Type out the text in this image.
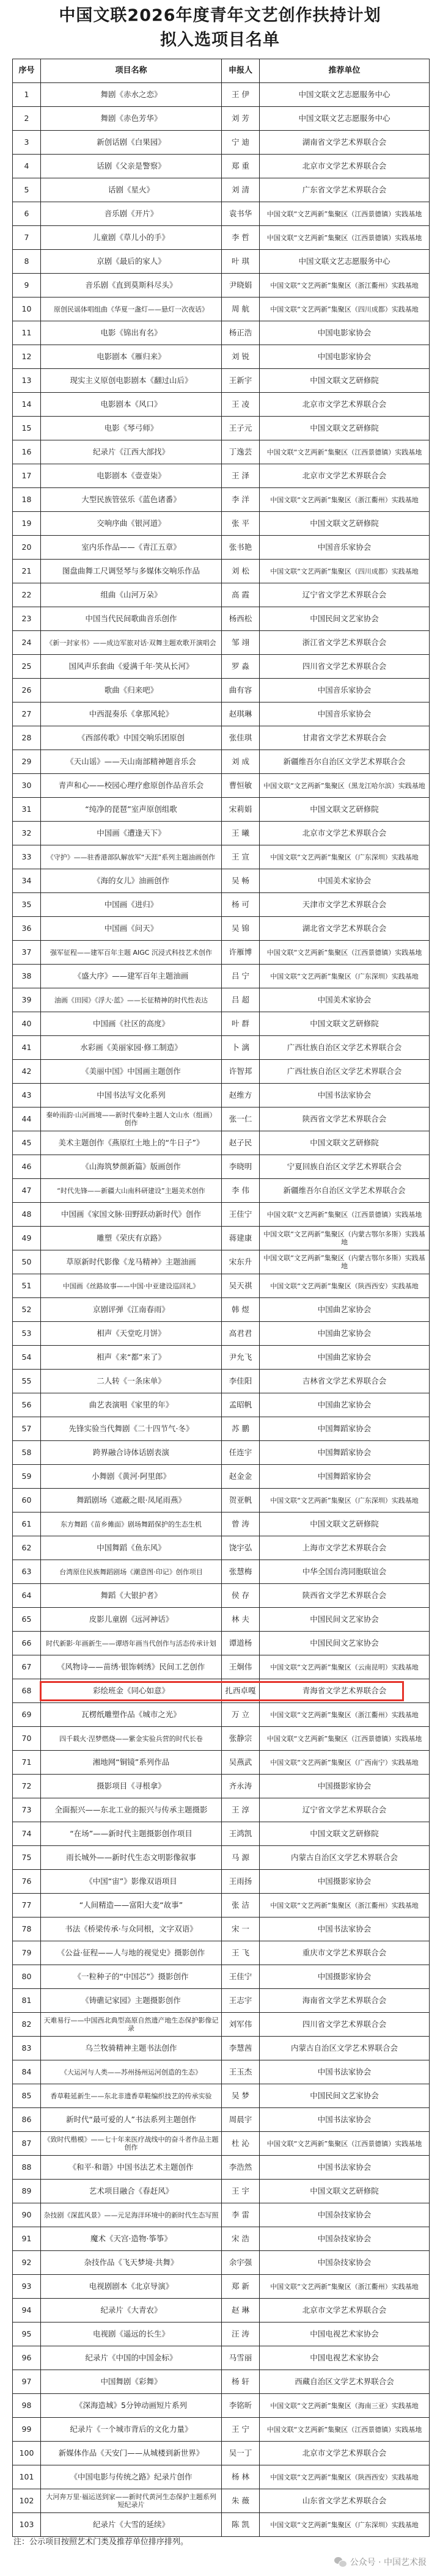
中国文联2026年度青年文艺创作扶持计划
拟入选项目名单
序号	项目名称	申报人	推荐单位
1	舞剧《赤水之恋》	王 伊	中国文联文艺志愿服务中心
2	舞剧《赤色芳华》	刘 芳	中国文联文艺志愿服务中心
3	新创话剧《白果园》	宁 迪	湖南省文学艺术界联合会
4	话剧《父亲是警察》	郑 重	北京市文学艺术界联合会
5	话剧《星火》	刘 清	广东省文学艺术界联合会
6	音乐剧《开片》	袁书华	中国文联“文艺两新”集聚区（江西景德镇）实践基地
7	儿童剧《草儿小的手》	李 哲	中国文联“文艺两新”集聚区（江西景德镇）实践基地
8	京剧《最后的家人》	叶 琪	中国文联文艺志愿服务中心
9	音乐剧《直到莫斯科尽头》	尹晓娟	中国文联“文艺两新”集聚区（浙江衢州）实践基地
10	原创民谣体唱组曲《华夏一盏灯——悬灯一次夜话》	周 航	中国文联“文艺两新”集聚区（四川成都）实践基地
11	电影《锦出有名》	杨正浩	中国电影家协会
12	电影剧本《雁归来》	刘 锐	中国电影家协会
13	现实主义原创电影剧本《翻过山后》	王新宇	中国文联文艺研修院
14	电影剧本《风口》	王 凌	北京市文学艺术界联合会
15	电影《琴弓师》	王子元	中国文联文艺研修院
16	纪录片《江西大部找》	丁逸芸	中国文联“文艺两新”集聚区（江西景德镇）实践基地
17	电影剧本《壹壹柒》	王 泽	北京市文学艺术界联合会
18	大型民族管弦乐《蓝色诸番》	李 洋	中国文联“文艺两新”集聚区（浙江衢州）实践基地
19	交响序曲《银河道》	张 平	中国文联文艺研修院
20	室内乐作品——《青江五章》	张书艳	中国音乐家协会
21	图盘曲舞工尺调竖琴与多媒体交响乐作品	刘 松	中国文联“文艺两新”集聚区（四川成都）实践基地
22	组曲《山河万朵》	高 霞	辽宁省文学艺术界联合会
23	中国当代民间歌曲音乐创作	杨西松	中国民间文艺家协会
24	《新一封家书》——成边军旅对话·双舞主题欢歌开演唱会	邹 翊	浙江省文学艺术界联合会
25	国风声乐套曲《爱满千年·笑从长河》	罗 淼	四川省文学艺术界联合会
26	歌曲《归来吧》	曲有容	中国音乐家协会
27	中西混奏乐《拿那风轮》	赵琪琳	中国音乐家协会
28	《西部传歌》中国交响乐团原创	张佳琪	甘肃省文学艺术界联合会
29	《天山谣》——天山南部精神题音乐会	刘 成	新疆维吾尔自治区文学艺术界联合会
30	青声和心——校园心理疗愈原创作品音乐会	曹恒敏	中国文联“文艺两新”集聚区（黑龙江哈尔滨）实践基地
31	“纯净的琵琶”室声原创组歌	宋莉娟	中国文联文艺研修院
32	中国画《遭逢天下》	王 曦	北京市文学艺术界联合会
33	《守护》——驻香港部队解放军“天涯”系列主题油画创作	王 宣	中国文联“文艺两新”集聚区（广东深圳）实践基地
34	《海的女儿》油画创作	吴 畅	中国美术家协会
35	中国画《进归》	杨 可	天津市文学艺术界联合会
36	中国画《问天》	吴 锦	湖北省文学艺术界联合会
37	强军征程——建军百年主题 AIGC 沉浸式科技艺术创作	许雁博	中国文联“文艺两新”集聚区（江西景德镇）实践基地
38	《盛大序》——建军百年主题油画	吕 宁	中国文联“文艺两新”集聚区（广东深圳）实践基地
39	油画《田园》《浮大·蓝》——长征精神的时代性表达	吕 超	中国美术家协会
40	中国画《社区的高度》	叶 群	中国文联文艺研修院
41	水彩画《美丽家园·修工制造》	卜 漓	广西壮族自治区文学艺术界联合会
42	《美丽中国》中国画主题创作	许智邦	广西壮族自治区文学艺术界联合会
43	中国书法写文化系列	赵维方	中国书法家协会
44	秦岭雨韵·山河画境——新时代秦岭主题人文山水（组画）创作	张一仁	陕西省文学艺术界联合会
45	美术主题创作《燕原红土地上的“牛日子”》	赵子民	中国文联文艺研修院
46	《山海筑梦颜新篇》版画创作	李晓明	宁夏回族自治区文学艺术界联合会
47	“时代先锋——新疆大山南科研建设”主题美术创作	李 伟	新疆维吾尔自治区文学艺术界联合会
48	中国画《家国文脉·田野跃动新时代》创作	王佳宁	中国文联“文艺两新”集聚区（江西景德镇）实践基地
49	雕塑《荣庆有京路》	蒋建康	中国文联“文艺两新”集聚区（内蒙古鄂尔多斯）实践基地
50	草原新时代影像《龙马精神》主题油画	宋东升	中国文联“文艺两新”集聚区（内蒙古鄂尔多斯）实践基地
51	中国画《丝路故事——中国·中亚建设巡回礼》	吴天祺	中国文联“文艺两新”集聚区（陕西西安）实践基地
52	京剧评弹《江南春雨》	韩 煜	中国曲艺家协会
53	相声《天堂吃月饼》	高君君	中国曲艺家协会
54	相声《来“都”来了》	尹允飞	中国曲艺家协会
55	二人转《一条床单》	李佳阳	吉林省文学艺术界联合会
56	曲艺表演唱《家里的年》	孟昭帆	中国曲艺家协会
57	先锋实验当代舞剧《二十四节气·冬》	苏 鹏	中国舞蹈家协会
58	跨界融合诗体话剧表演	任连宇	中国舞蹈家协会
59	小舞剧《黄河·阿里郎》	赵金金	中国舞蹈家协会
60	舞蹈剧场《遮蔽之眼·凤尾雨燕》	贺亚帆	中国文联“文艺两新”集聚区（广东深圳）实践基地
61	东方舞蹈《苗乡傩面》剧场舞蹈保护的生态生机	曾 涛	中国文联文艺研修院
62	中国舞蹈《鱼东风》	饶宇弘	上海市文学艺术界联合会
63	台湾原住民族舞蹈剧场《潮意图·印记》创作项目	张慧梅	中华全国台湾同胞联谊会
64	舞蹈《大银护者》	侯 存	陕西省文学艺术界联合会
65	皮影儿童剧《远河神话》	林 夫	中国民间文艺家协会
66	时代新影·年画新生——谭塔年画当代创作与活态传承计划	谭道杨	中国民间文艺家协会
67	《风物诗——苗绣·银饰刺绣》民间工艺创作	王炯伟	中国文联“文艺两新”集聚区（云南昆明）实践基地
68	彩绘班金《同心如意》	扎西卓嘎	青海省文学艺术界联合会
69	瓦楞纸雕塑作品《城市之光》	万 立	中国文联“文艺两新”集聚区（浙江衢州）实践基地
70	四千载火·涅梦燃烧——紫金实验兵营的时代长卷	张静宗	中国文联“文艺两新”集聚区（江西景德镇）实践基地
71	湘地网“铜镜”系列作品	吴燕武	中国文联“文艺两新”集聚区（广西南宁）实践基地
72	摄影项目《寻根拿》	齐永涛	中国摄影家协会
73	全面振兴——东北工业的振兴与传承主题摄影	王 淳	辽宁省文学艺术界联合会
74	“在场”——新时代主题摄影创作项目	王鸿凯	中国文联文艺研修院
75	雨长城外——新时代生态文明影像叙事	马 源	内蒙古自治区文学艺术界联合会
76	《中国“宙”》影像双语项目	王雨扬	中国摄影家协会
77	“人间精造——富阳大麦“故事”	张 洁	中国文联“文艺两新”集聚区（浙江衢州）实践基地
78	书法《桥梁传承·与众同根，文字双语》	宋 一	中国书法家协会
79	《公益·征程——人与地的视觉史》摄影创作	王 飞	重庆市文学艺术界联合会
80	《一粒种子的“中国芯”》摄影创作	王佳宁	中国摄影家协会
81	《铸礁记家园》主题摄影创作	王志宇	海南省文学艺术界联合会
82	天难易行——中国西北典型高原自然遗产地生态保护影像记录	刘军伟	四川省文学艺术界联合会
83	乌兰牧骑精神主题书法创作	李慧茜	内蒙古自治区文学艺术界联合会
84	《大运河与人类——苏州扬州运河创造的生态》	王玉杰	中国书法家协会
85	香草鞋延新生——东北非遗香草鞋编织技艺的传承实验	吴 梦	中国民间文艺家协会
86	新时代“最可爱的人”书法系列主题创作	周晨宇	中国书法家协会
87	《致时代楷模》——七十年来医疗战线中的奋斗者作品主题创作	杜 沁	中国文联“文艺两新”集聚区（江西景德镇）实践基地
88	《和平·和谐》中国书法艺术主题创作	李浩然	中国书法家协会
89	艺术项目融合《春赶风》	王 宇	中国文联文艺研修院
90	杂技剧《深蓝风景》——元足海洋环境中的新时代生态写照	李 雷	中国杂技家协会
91	魔术《天宫·造物·筝筝》	宋 浩	中国杂技家协会
92	杂技作品《飞天梦境·共舞》	余宇强	中国杂技家协会
93	电视剧剧本《北京导演》	郑 新	中国文联“文艺两新”集聚区（浙江衢州）实践基地
94	纪录片《大青农》	赵 琳	北京市文学艺术界联合会
95	电视剧《遥远的长生》	汪 涛	中国电视艺术家协会
96	纪录片《中国的中国金标》	马雪丽	中国电视艺术家协会
97	中国舞剧《彩舞》	杨 轩	西藏自治区文学艺术界联合会
98	《深海造城》5分钟动画短片系列	李铭昕	中国文联“文艺两新”集聚区（海南三亚）实践基地
99	纪录片《一个城市背后的文化力量》	王 宁	中国文联“文艺两新”集聚区（江西景德镇）实践基地
100	新媒体作品《天安门——从城楼到新世界》	吴一丁	北京市文学艺术界联合会
101	《中国电影与传统之路》纪录片创作	杨 林	中国文联“文艺两新”集聚区（陕西西安）实践基地
102	大河奔万里·福运送到家——新时代黄河生态保护主题系列短纪录片	朱 薇	山东省文学艺术界联合会
103	纪录片《大雪的延续》	陈 凯	中国文联“文艺两新”集聚区（广东深圳）实践基地
注：公示项目按照艺术门类及推荐单位排序排列。
公众号 · 中国艺术报
